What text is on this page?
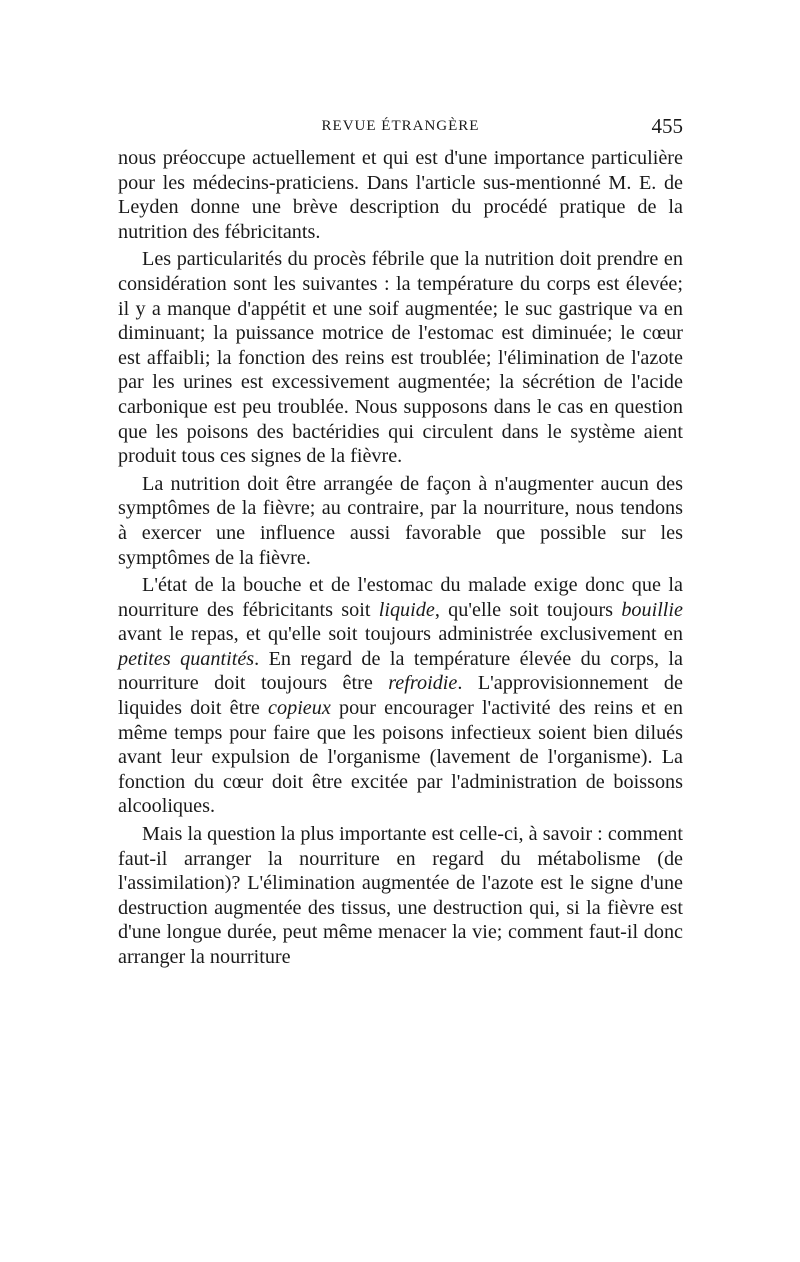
REVUE ÉTRANGÈRE	455

nous préoccupe actuellement et qui est d'une importance particulière pour les médecins-praticiens. Dans l'article sus-mentionné M. E. de Leyden donne une brève description du procédé pratique de la nutrition des fébricitants.

Les particularités du procès fébrile que la nutrition doit prendre en considération sont les suivantes : la température du corps est élevée; il y a manque d'appétit et une soif augmentée; le suc gastrique va en diminuant; la puissance motrice de l'estomac est diminuée; le cœur est affaibli; la fonction des reins est troublée; l'élimination de l'azote par les urines est excessivement augmentée; la sécrétion de l'acide carbonique est peu troublée. Nous supposons dans le cas en question que les poisons des bactéridies qui circulent dans le système aient produit tous ces signes de la fièvre.

La nutrition doit être arrangée de façon à n'augmenter aucun des symptômes de la fièvre; au contraire, par la nourriture, nous tendons à exercer une influence aussi favorable que possible sur les symptômes de la fièvre.

L'état de la bouche et de l'estomac du malade exige donc que la nourriture des fébricitants soit liquide, qu'elle soit toujours bouillie avant le repas, et qu'elle soit toujours administrée exclusivement en petites quantités. En regard de la température élevée du corps, la nourriture doit toujours être refroidie. L'approvisionnement de liquides doit être copieux pour encourager l'activité des reins et en même temps pour faire que les poisons infectieux soient bien dilués avant leur expulsion de l'organisme (lavement de l'organisme). La fonction du cœur doit être excitée par l'administration de boissons alcooliques.

Mais la question la plus importante est celle-ci, à savoir : comment faut-il arranger la nourriture en regard du métabolisme (de l'assimilation)? L'élimination augmentée de l'azote est le signe d'une destruction augmentée des tissus, une destruction qui, si la fièvre est d'une longue durée, peut même menacer la vie; comment faut-il donc arranger la nourriture
